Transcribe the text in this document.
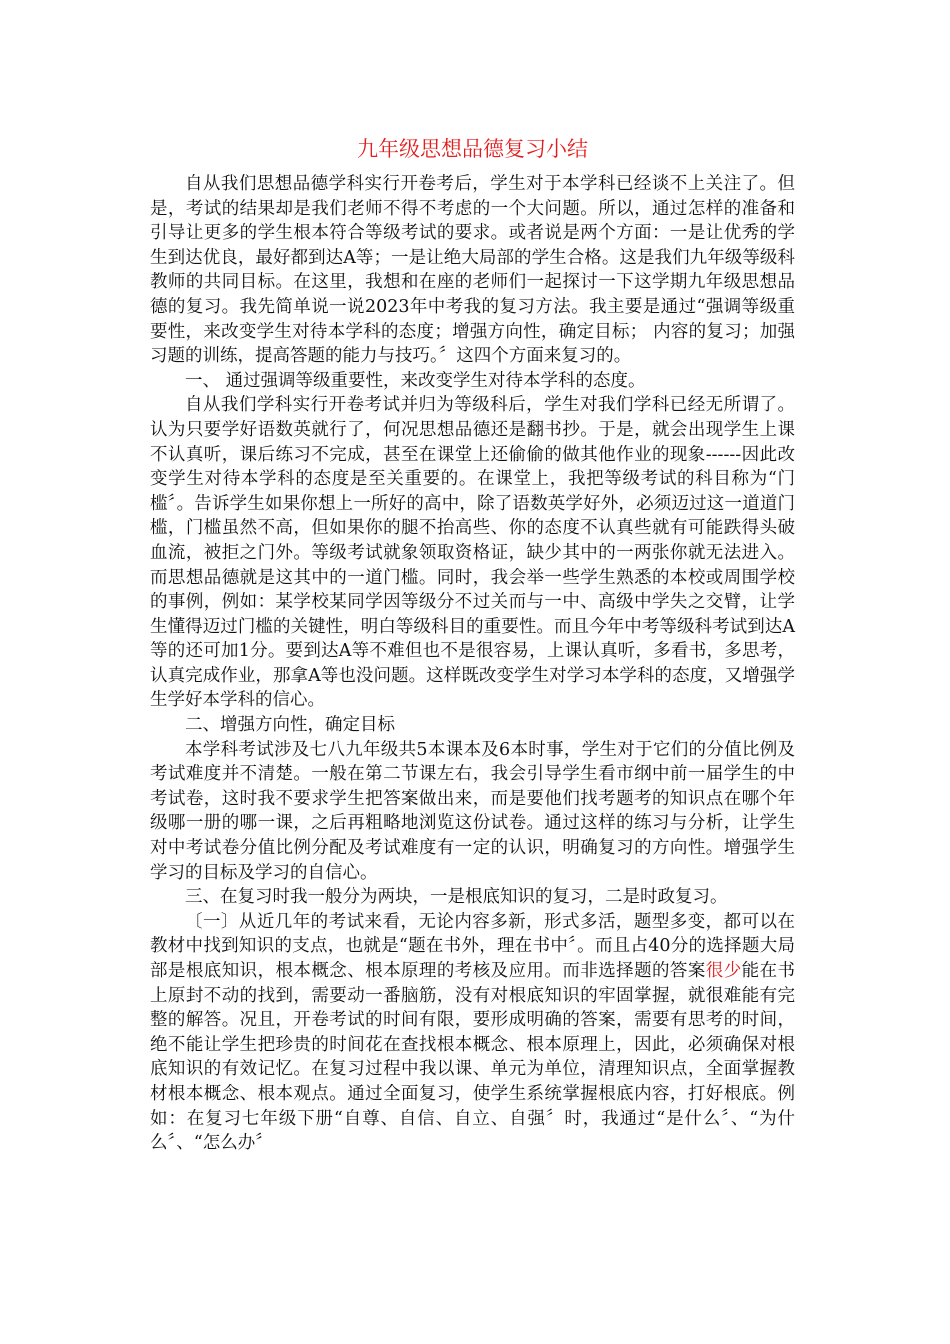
九年级思想品德复习小结

自从我们思想品德学科实行开卷考后，学生对于本学科已经谈不上关注了。但是，考试的结果却是我们老师不得不考虑的一个大问题。所以，通过怎样的准备和引导让更多的学生根本符合等级考试的要求。或者说是两个方面：一是让优秀的学生到达优良，最好都到达A等；一是让绝大局部的学生合格。这是我们九年级等级科教师的共同目标。在这里，我想和在座的老师们一起探讨一下这学期九年级思想品德的复习。我先简单说一说2023年中考我的复习方法。我主要是通过“强调等级重要性，来改变学生对待本学科的态度；增强方向性，确定目标； 内容的复习；加强习题的训练，提高答题的能力与技巧。〞这四个方面来复习的。

一、 通过强调等级重要性，来改变学生对待本学科的态度。

自从我们学科实行开卷考试并归为等级科后，学生对我们学科已经无所谓了。认为只要学好语数英就行了，何况思想品德还是翻书抄。于是，就会出现学生上课不认真听，课后练习不完成，甚至在课堂上还偷偷的做其他作业的现象------因此改变学生对待本学科的态度是至关重要的。在课堂上，我把等级考试的科目称为“门槛〞。告诉学生如果你想上一所好的高中，除了语数英学好外，必须迈过这一道道门槛，门槛虽然不高，但如果你的腿不抬高些、你的态度不认真些就有可能跌得头破血流，被拒之门外。等级考试就象领取资格证，缺少其中的一两张你就无法进入。而思想品德就是这其中的一道门槛。同时，我会举一些学生熟悉的本校或周围学校的事例，例如：某学校某同学因等级分不过关而与一中、高级中学失之交臂，让学生懂得迈过门槛的关键性，明白等级科目的重要性。而且今年中考等级科考试到达A等的还可加1分。要到达A等不难但也不是很容易，上课认真听，多看书，多思考，认真完成作业，那拿A等也没问题。这样既改变学生对学习本学科的态度，又增强学生学好本学科的信心。

二、增强方向性，确定目标

本学科考试涉及七八九年级共5本课本及6本时事，学生对于它们的分值比例及考试难度并不清楚。一般在第二节课左右，我会引导学生看市纲中前一届学生的中考试卷，这时我不要求学生把答案做出来，而是要他们找考题考的知识点在哪个年级哪一册的哪一课，之后再粗略地浏览这份试卷。通过这样的练习与分析，让学生对中考试卷分值比例分配及考试难度有一定的认识，明确复习的方向性。增强学生学习的目标及学习的自信心。

三、在复习时我一般分为两块，一是根底知识的复习，二是时政复习。

〔一〕从近几年的考试来看，无论内容多新，形式多活，题型多变，都可以在教材中找到知识的支点，也就是“题在书外，理在书中〞。而且占40分的选择题大局部是根底知识，根本概念、根本原理的考核及应用。而非选择题的答案很少能在书上原封不动的找到，需要动一番脑筋，没有对根底知识的牢固掌握，就很难能有完整的解答。况且，开卷考试的时间有限，要形成明确的答案，需要有思考的时间，绝不能让学生把珍贵的时间花在查找根本概念、根本原理上，因此，必须确保对根底知识的有效记忆。在复习过程中我以课、单元为单位，清理知识点，全面掌握教材根本概念、根本观点。通过全面复习，使学生系统掌握根底内容，打好根底。例如：在复习七年级下册“自尊、自信、自立、自强〞时，我通过“是什么〞、“为什么〞、“怎么办〞
